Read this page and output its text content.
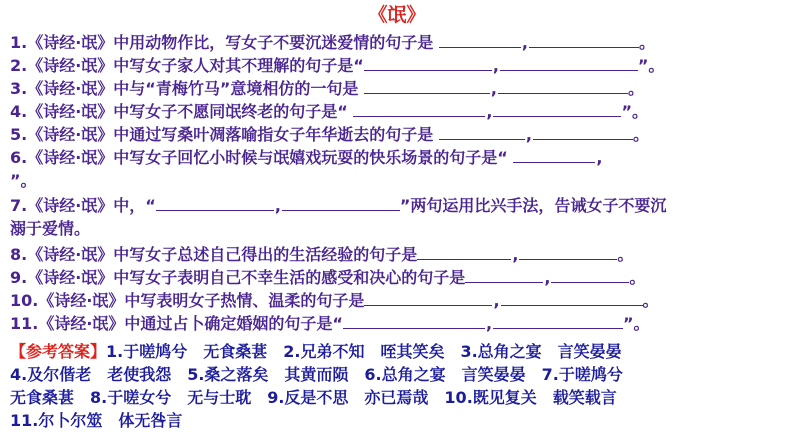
《氓》
1.《诗经·氓》中用动物作比，写女子不要沉迷爱情的句子是	,	。
2.《诗经·氓》中写女子家人对其不理解的句子是“	,	”。
3.《诗经·氓》中与“青梅竹马”意境相仿的一句是	,	。
4.《诗经·氓》中写女子不愿同氓终老的句子是“	,	”。
5.《诗经·氓》中通过写桑叶凋落喻指女子年华逝去的句子是	,	。
6.《诗经·氓》中写女子回忆小时候与氓嬉戏玩耍的快乐场景的句子是“	,
”。
7.《诗经·氓》中，“	,	”两句运用比兴手法，告诫女子不要沉
溺于爱情。
8.《诗经·氓》中写女子总述自己得出的生活经验的句子是	,	。
9.《诗经·氓》中写女子表明自己不幸生活的感受和决心的句子是	,	。
10.《诗经·氓》中写表明女子热情、温柔的句子是	,	。
11.《诗经·氓》中通过占卜确定婚姻的句子是“	,	”。
【参考答案】1.于嗟鸠兮　无食桑葚　2.兄弟不知　咥其笑矣　3.总角之宴　言笑晏晏
4.及尔偕老　老使我怨　5.桑之落矣　其黄而陨　6.总角之宴　言笑晏晏　7.于嗟鸠兮
无食桑葚　8.于嗟女兮　无与士耽　9.反是不思　亦已焉哉　10.既见复关　载笑载言
11.尔卜尔筮　体无咎言
